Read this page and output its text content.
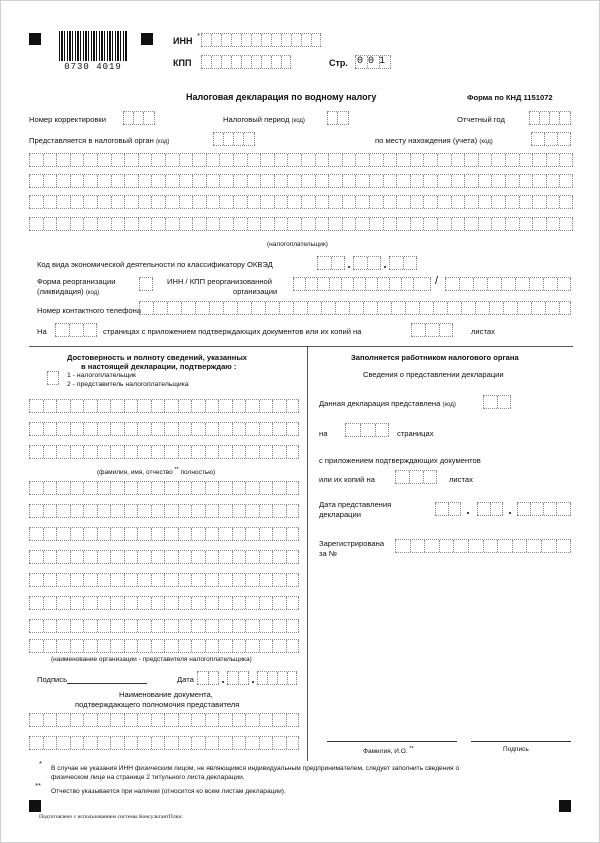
0730 4019
ИНН
*
КПП	Стр. 001
Налоговая декларация по водному налогу	Форма по КНД 1151072
Номер корректировки	Налоговый период (код)	Отчетный год
Представляется в налоговый орган (код)	по месту нахождения (учета) (код)
(налогоплательщик)
Код вида экономической деятельности по классификатору ОКВЭД
Форма реорганизации
(ликвидация) (код)
ИНН / КПП реорганизованной
организации
/
Номер контактного телефона
На	страницах с приложением подтверждающих документов или их копий на	листах
Достоверность и полноту сведений, указанных
в настоящей декларации, подтверждаю :
1 - налогоплательщик
2 - представитель налогоплательщика
(фамилия, имя, отчество ** полностью)
(наименование организации - представителя налогоплательщика)
Подпись	Дата
Наименование документа,
подтверждающего полномочия представителя
Заполняется работником налогового органа
Сведения о представлении декларации
Данная декларация представлена (код)
на	страницах
с приложением подтверждающих документов
или их копий на	листах
Дата представления
декларации
Зарегистрирована
за №
Фамилия, И.О. **	Подпись
*
В случае не указания ИНН физическим лицом, не являющимся индивидуальным предпринимателем, следует заполнить сведения о
физическом лице на странице 2 титульного листа декларации.
**
Отчество указывается при наличии (относится ко всем листам декларации).
Подготовлено с использованием системы КонсультантПлюс
